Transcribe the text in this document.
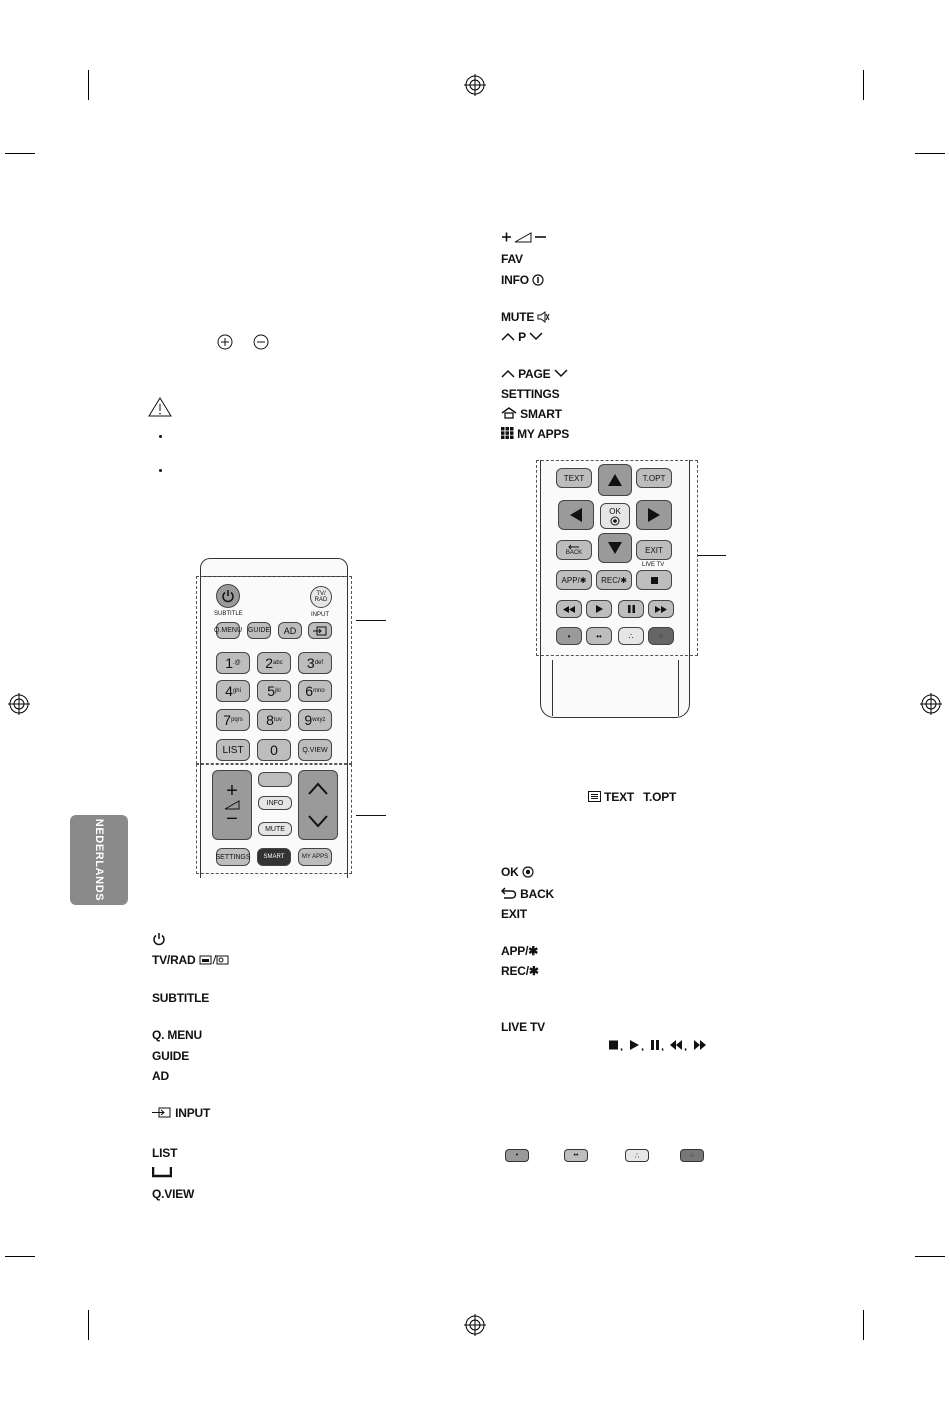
NEDERLANDS
SUBTITLE
TV/ RAD
INPUT
Q.MENU GUIDE	AD
1 .@ 2 abc 3 def
4 ghi 5 jkl 6 mno
7 pqrs 8 tuv 9 wxyz
LIST	0	Q.VIEW
+
−
INFO
MUTE
SETTINGS	SMART	MY APPS
TV/RAD
SUBTITLE
Q. MENU
GUIDE
AD
INPUT
LIST
Q.VIEW
FAV
INFO
MUTE
P
PAGE
SETTINGS
SMART
MY APPS
TEXT	T.OPT
OK
BACK	EXIT
LIVE TV
APP/✱	REC/✱
•	••	∴	⁘
TEXT T.OPT
OK
BACK
EXIT
APP/✱
REC/✱
LIVE TV
, , , ,
•	••	∴	⁘
